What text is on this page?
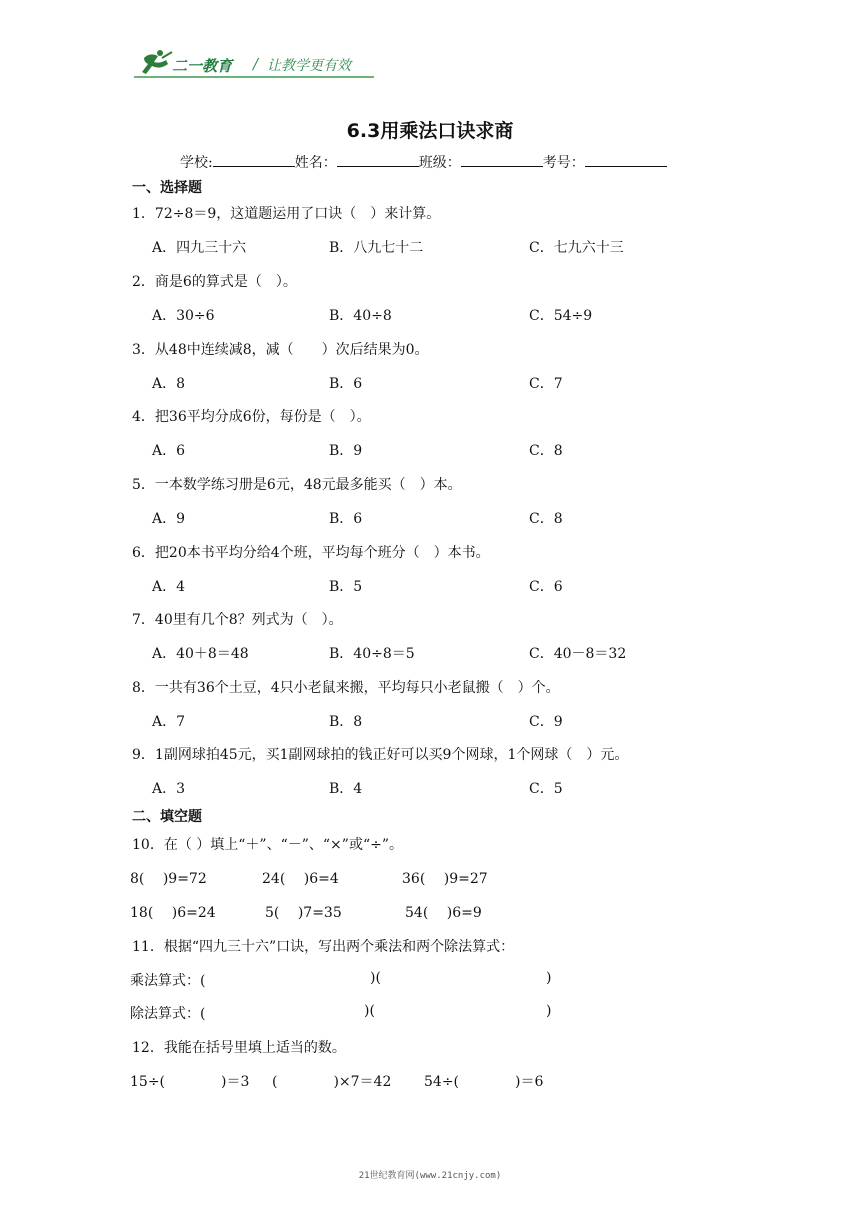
二一教育 / 让教学更有效
6.3用乘法口诀求商
学校:	姓名：	班级：	考号：
一、选择题
1．72÷8＝9，这道题运用了口诀（　）来计算。
A．四九三十六	B．八九七十二	C．七九六十三
2．商是6的算式是（　）。
A．30÷6	B．40÷8	C．54÷9
3．从48中连续减8，减（　　）次后结果为0。
A．8	B．6	C．7
4．把36平均分成6份，每份是（　）。
A．6	B．9	C．8
5．一本数学练习册是6元，48元最多能买（　）本。
A．9	B．6	C．8
6．把20本书平均分给4个班，平均每个班分（　）本书。
A．4	B．5	C．6
7．40里有几个8？列式为（　）。
A．40＋8＝48	B．40÷8＝5	C．40－8＝32
8．一共有36个土豆，4只小老鼠来搬，平均每只小老鼠搬（　）个。
A．7	B．8	C．9
9．1副网球拍45元，买1副网球拍的钱正好可以买9个网球，1个网球（　）元。
A．3	B．4	C．5
二、填空题
10．在（ ）填上“＋”、“－”、“×”或“÷”。
8(　 )9=72	24(　 )6=4	36(　 )9=27
18(　 )6=24	5(　 )7=35	54(　 )6=9
11．根据“四九三十六”口诀，写出两个乘法和两个除法算式：
乘法算式：(	)(	)
除法算式：(	)(	)
12．我能在括号里填上适当的数。
15÷(　　　　)＝3 (　　　　)×7＝42 54÷(　　　　)＝6
21世纪教育网(www.21cnjy.com)
